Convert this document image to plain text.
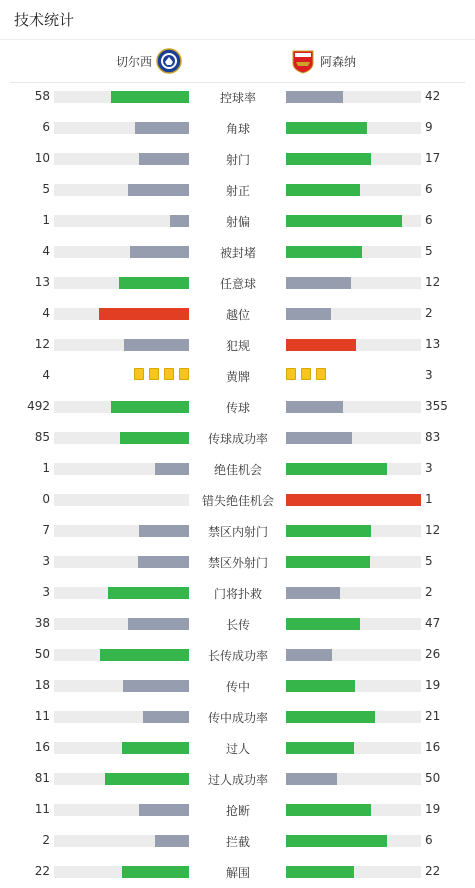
技术统计
切尔西	阿森纳
58	控球率	42
6	角球	9
10	射门	17
5	射正	6
1	射偏	6
4	被封堵	5
13	任意球	12
4	越位	2
12	犯规	13
4	黄牌	3
492	传球	355
85	传球成功率	83
1	绝佳机会	3
0	错失绝佳机会	1
7	禁区内射门	12
3	禁区外射门	5
3	门将扑救	2
38	长传	47
50	长传成功率	26
18	传中	19
11	传中成功率	21
16	过人	16
81	过人成功率	50
11	抢断	19
2	拦截	6
22	解围	22
